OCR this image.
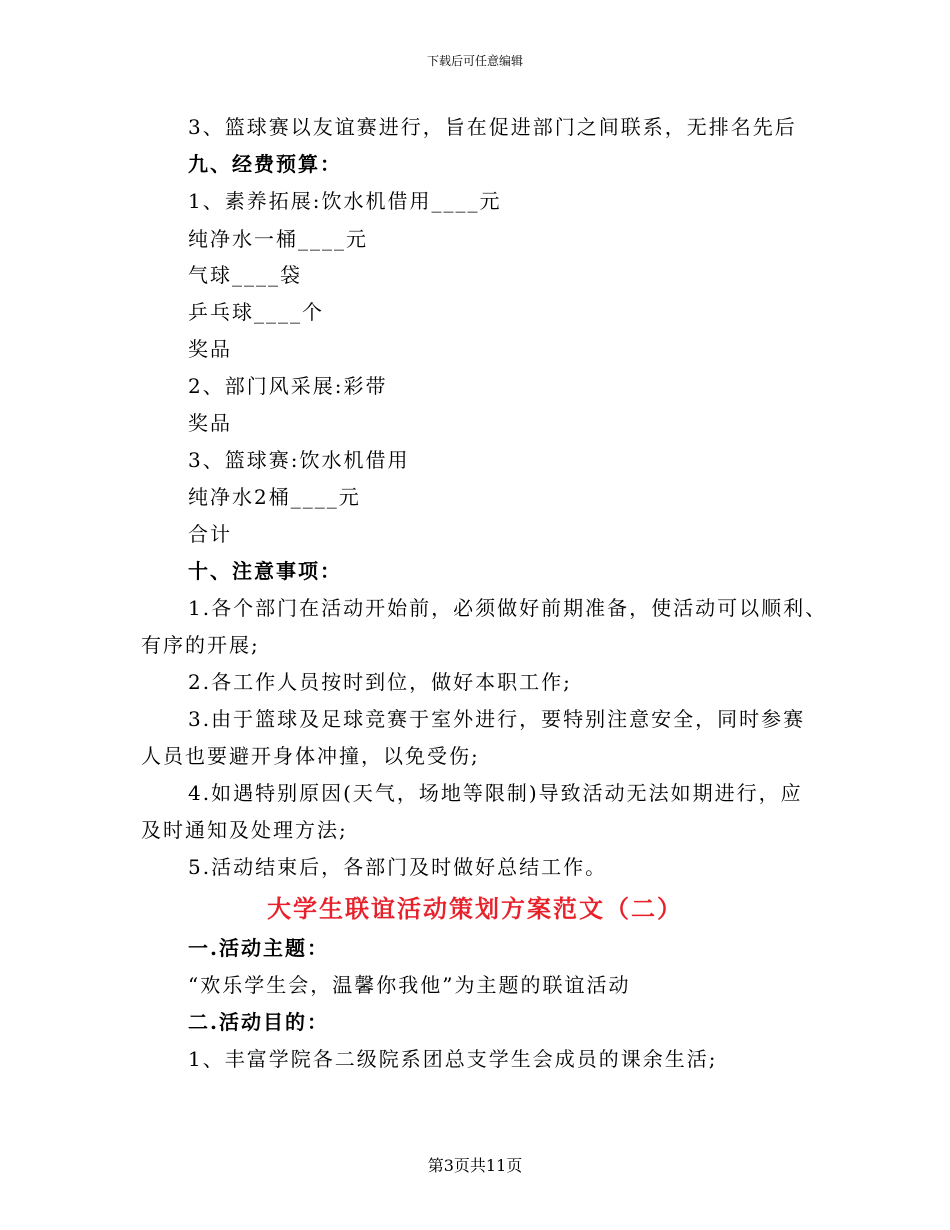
下载后可任意编辑
3、篮球赛以友谊赛进行，旨在促进部门之间联系，无排名先后
九、经费预算：
1、素养拓展:饮水机借用____元
纯净水一桶____元
气球____袋
乒乓球____个
奖品
2、部门风采展:彩带
奖品
3、篮球赛:饮水机借用
纯净水2桶____元
合计
十、注意事项：
1.各个部门在活动开始前，必须做好前期准备，使活动可以顺利、
有序的开展;
2.各工作人员按时到位，做好本职工作;
3.由于篮球及足球竞赛于室外进行，要特别注意安全，同时参赛
人员也要避开身体冲撞，以免受伤;
4.如遇特别原因(天气，场地等限制)导致活动无法如期进行，应
及时通知及处理方法;
5.活动结束后，各部门及时做好总结工作。
大学生联谊活动策划方案范文（二）
一.活动主题：
“欢乐学生会，温馨你我他”为主题的联谊活动
二.活动目的：
1、丰富学院各二级院系团总支学生会成员的课余生活;
第3页共11页
